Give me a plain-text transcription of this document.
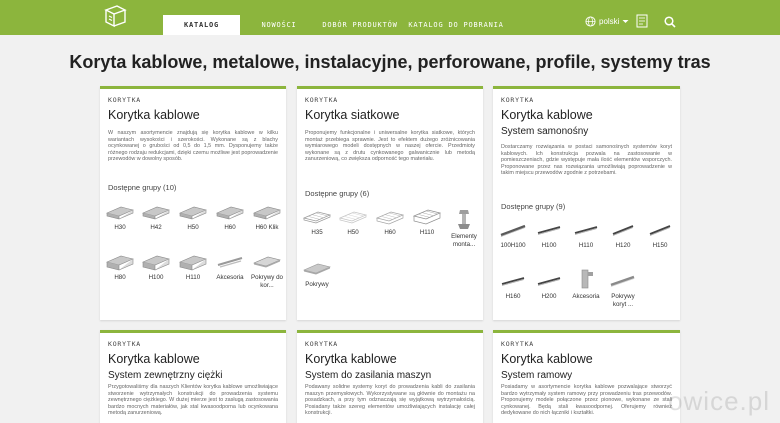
KATALOG	NOWOŚCI	DOBÓR PRODUKTÓW	KATALOG DO POBRANIA	polski
Koryta kablowe, metalowe, instalacyjne, perforowane, profile, systemy tras
KORYTKA
Korytka kablowe
W naszym asortymencie znajdują się korytka kablowe w kilku wariantach wysokości i szerokości. Wykonane są z blachy ocynkowanej o grubości od 0,5 do 1,5 mm. Dysponujemy także różnego rodzaju redukcjami, dzięki czemu możliwe jest poprowadzenie przewodów w dowolny sposób.
Dostępne grupy (10)
H30	H42	H50	H60	H60 Klik
H80	H100	H110	Akcesoria	Pokrywy do kor...
KORYTKA
Korytka siatkowe
Proponujemy funkcjonalne i uniwersalne korytka siatkowe, których montaż przebiega sprawnie. Jest to efektem dużego zróżnicowania wymiarowego modeli dostępnych w naszej ofercie. Przedmioty wykonane są z drutu cynkowanego galwanicznie lub metodą zanurzeniową, co zwiększa odporność tego materiału.
Dostępne grupy (6)
H35	H50	H60	H110
Elementy monta...
Pokrywy
KORYTKA
Korytka kablowe
System samonośny
Dostarczamy rozwiązania w postaci samonośnych systemów koryt kablowych. Ich konstrukcja pozwala na zastosowanie w pomieszczeniach, gdzie występuje mała ilość elementów wsporczych. Proponowane przez nas rozwiązania umożliwiają poprowadzenie w takim miejscu przewodów zgodnie z potrzebami.
Dostępne grupy (9)
100H100	H100	H110	H120	H150
H160	H200	Akcesoria	Pokrywy koryt ...
KORYTKA
Korytka kablowe
System zewnętrzny ciężki
Przygotowaliśmy dla naszych Klientów korytka kablowe umożliwiające stworzenie wytrzymałych konstrukcji do prowadzenia systemu zewnętrznego ciężkiego. W dużej mierze jest to zasługą zastosowania bardzo mocnych materiałów, jak stal kwasoodporna lub ocynkowana metodą zanurzeniową.
KORYTKA
Korytka kablowe
System do zasilania maszyn
Podawany solidne systemy koryt do prowadzenia kabli do zasilania maszyn przemysłowych. Wykorzystywane są głównie do montażu na posadzkach, a przy tym odznaczają się wyjątkową wytrzymałością. Posiadany także szereg elementów umożliwiających instalację całej konstrukcji.
KORYTKA
Korytka kablowe
System ramowy
Posiadamy w asortymencie korytka kablowe pozwalające stworzyć bardzo wytrzymały system ramowy przy prowadzeniu tras przewodów. Proponujemy modele połączone przez pionowe, wykonane ze stali cynkowanej. Będą stali kwasoodpornej. Oferujemy również dedykowane do nich łączniki i kształtki.	owice.pl
